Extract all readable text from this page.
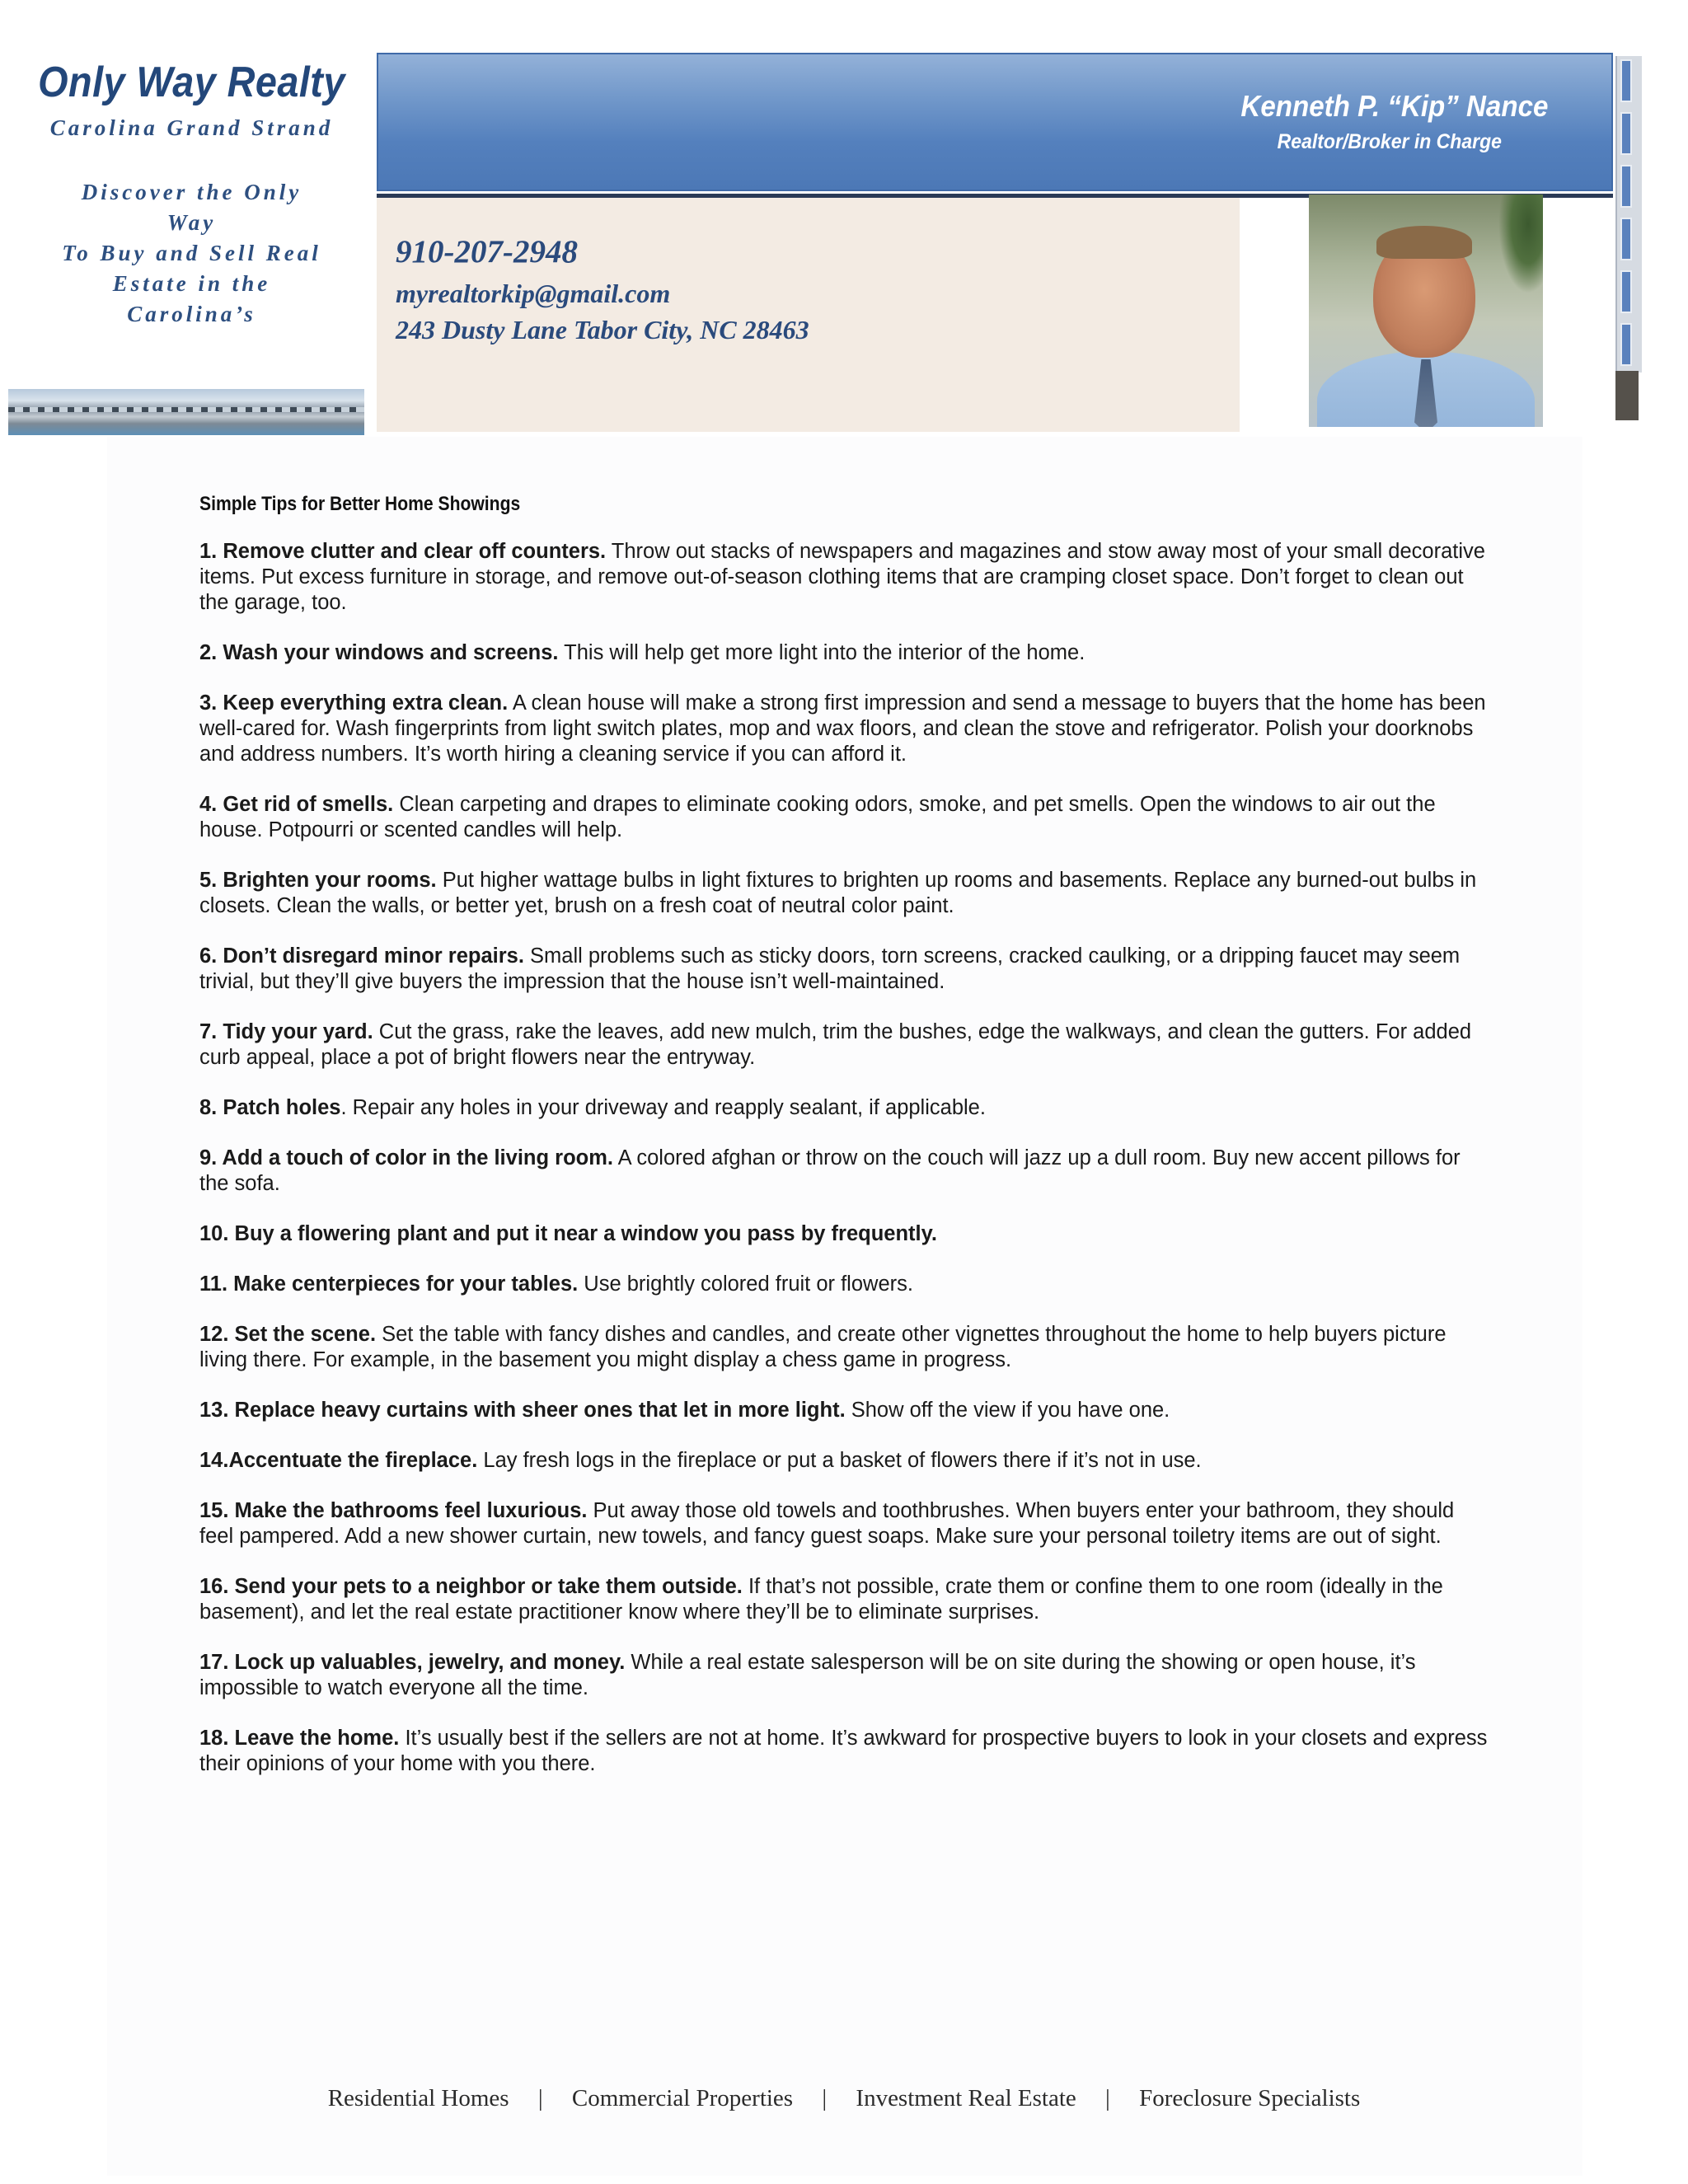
Only Way Realty
Carolina Grand Strand
Discover the Only Way
To Buy and Sell Real
Estate in the
Carolina’s
Kenneth P. “Kip” Nance
Realtor/Broker in Charge
910-207-2948
myrealtorkip@gmail.com
243 Dusty Lane Tabor City, NC 28463
Simple Tips for Better Home Showings

1. Remove clutter and clear off counters. Throw out stacks of newspapers and magazines and stow away most of your small decorative items. Put excess furniture in storage, and remove out-of-season clothing items that are cramping closet space. Don’t forget to clean out the garage, too.

2. Wash your windows and screens. This will help get more light into the interior of the home.

3. Keep everything extra clean. A clean house will make a strong first impression and send a message to buyers that the home has been well-cared for. Wash fingerprints from light switch plates, mop and wax floors, and clean the stove and refrigerator. Polish your doorknobs and address numbers. It’s worth hiring a cleaning service if you can afford it.

4. Get rid of smells. Clean carpeting and drapes to eliminate cooking odors, smoke, and pet smells. Open the windows to air out the house. Potpourri or scented candles will help.

5. Brighten your rooms. Put higher wattage bulbs in light fixtures to brighten up rooms and basements. Replace any burned-out bulbs in closets. Clean the walls, or better yet, brush on a fresh coat of neutral color paint.

6. Don’t disregard minor repairs. Small problems such as sticky doors, torn screens, cracked caulking, or a dripping faucet may seem trivial, but they’ll give buyers the impression that the house isn’t well-maintained.

7. Tidy your yard. Cut the grass, rake the leaves, add new mulch, trim the bushes, edge the walkways, and clean the gutters. For added curb appeal, place a pot of bright flowers near the entryway.

8. Patch holes. Repair any holes in your driveway and reapply sealant, if applicable.

9. Add a touch of color in the living room. A colored afghan or throw on the couch will jazz up a dull room. Buy new accent pillows for the sofa.

10. Buy a flowering plant and put it near a window you pass by frequently.

11. Make centerpieces for your tables. Use brightly colored fruit or flowers.

12. Set the scene. Set the table with fancy dishes and candles, and create other vignettes throughout the home to help buyers picture living there. For example, in the basement you might display a chess game in progress.

13. Replace heavy curtains with sheer ones that let in more light. Show off the view if you have one.

14.Accentuate the fireplace. Lay fresh logs in the fireplace or put a basket of flowers there if it’s not in use.

15. Make the bathrooms feel luxurious. Put away those old towels and toothbrushes. When buyers enter your bathroom, they should feel pampered. Add a new shower curtain, new towels, and fancy guest soaps. Make sure your personal toiletry items are out of sight.

16. Send your pets to a neighbor or take them outside. If that’s not possible, crate them or confine them to one room (ideally in the basement), and let the real estate practitioner know where they’ll be to eliminate surprises.

17. Lock up valuables, jewelry, and money. While a real estate salesperson will be on site during the showing or open house, it’s impossible to watch everyone all the time.

18. Leave the home. It’s usually best if the sellers are not at home. It’s awkward for prospective buyers to look in your closets and express their opinions of your home with you there.

Residential Homes | Commercial Properties | Investment Real Estate | Foreclosure Specialists
